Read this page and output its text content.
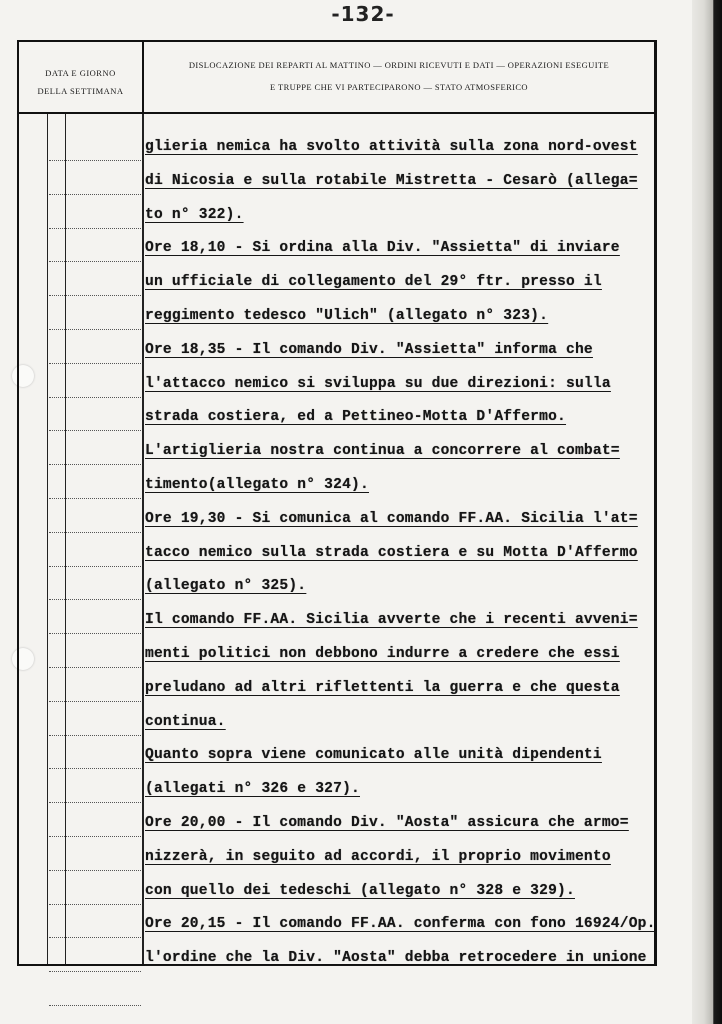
-132-
DATA E GIORNO
DELLA SETTIMANA
DISLOCAZIONE DEI REPARTI AL MATTINO — ORDINI RICEVUTI E DATI — OPERAZIONI ESEGUITE
E TRUPPE CHE VI PARTECIPARONO — STATO ATMOSFERICO
glieria nemica ha svolto attività sulla zona nord-ovest
di Nicosia e sulla rotabile Mistretta - Cesarò (allega=
to n° 322).
Ore 18,10 - Si ordina alla Div. "Assietta" di inviare
un ufficiale di collegamento del 29° ftr. presso il
reggimento tedesco "Ulich" (allegato n° 323).
Ore 18,35 - Il comando Div. "Assietta" informa che
l'attacco nemico si sviluppa su due direzioni: sulla
strada costiera, ed a Pettineo-Motta D'Affermo.
L'artiglieria nostra continua a concorrere al combat=
timento(allegato n° 324).
Ore 19,30 - Si comunica al comando FF.AA. Sicilia l'at=
tacco nemico sulla strada costiera e su Motta D'Affermo
(allegato n° 325).
Il comando FF.AA. Sicilia avverte che i recenti avveni=
menti politici non debbono indurre a credere che essi
preludano ad altri riflettenti la guerra e che questa
continua.
Quanto sopra viene comunicato alle unità dipendenti
(allegati n° 326 e 327).
Ore 20,00 - Il comando Div. "Aosta" assicura che armo=
nizzerà, in seguito ad accordi, il proprio movimento
con quello dei tedeschi (allegato n° 328 e 329).
Ore 20,15 - Il comando FF.AA. conferma con fono 16924/Op.
l'ordine che la Div. "Aosta" debba retrocedere in unione
